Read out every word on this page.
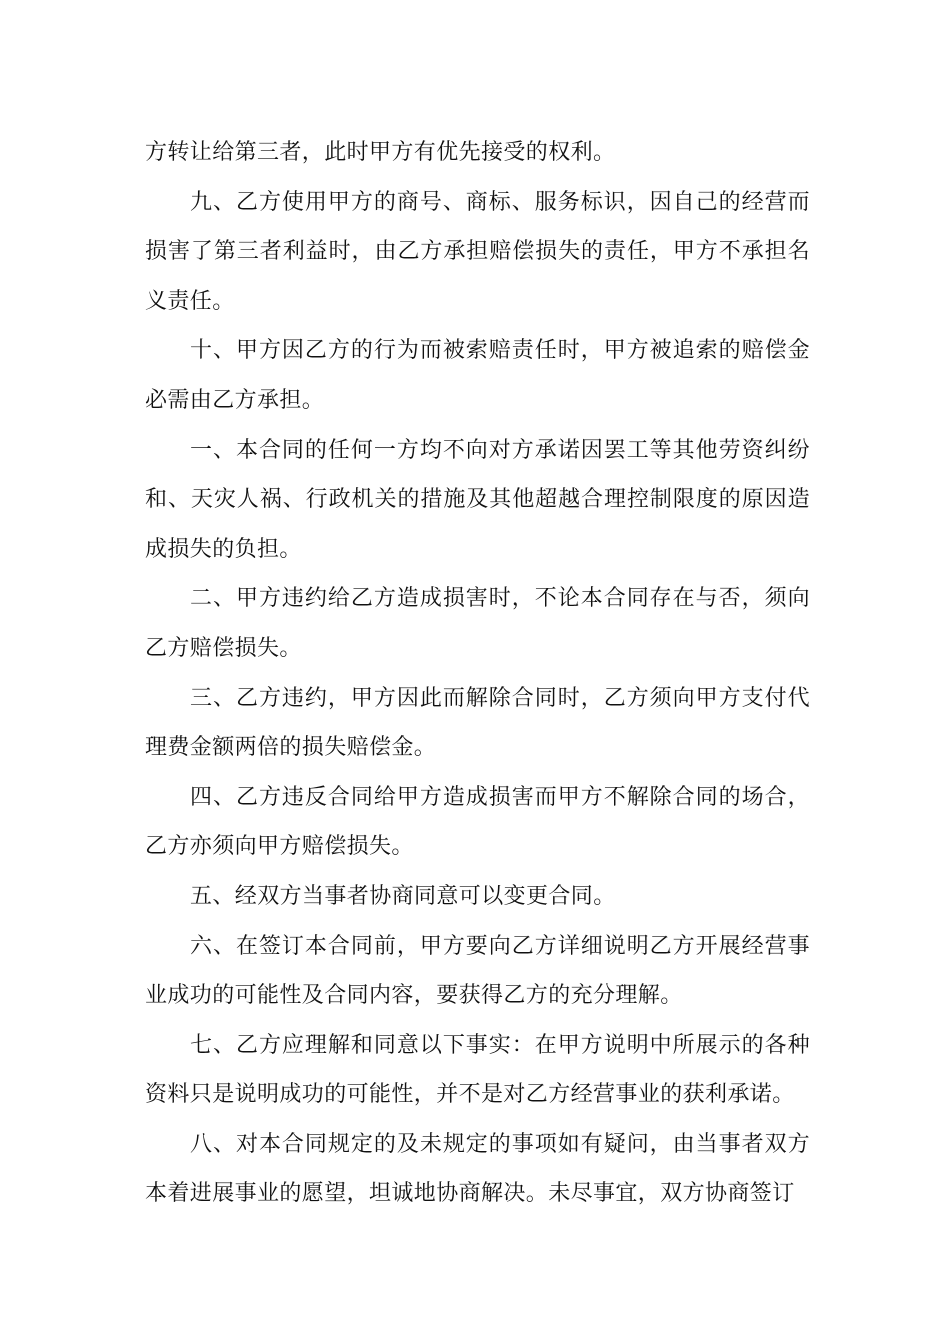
方转让给第三者，此时甲方有优先接受的权利。

九、乙方使用甲方的商号、商标、服务标识，因自己的经营而损害了第三者利益时，由乙方承担赔偿损失的责任，甲方不承担名义责任。

十、甲方因乙方的行为而被索赔责任时，甲方被追索的赔偿金必需由乙方承担。

一、本合同的任何一方均不向对方承诺因罢工等其他劳资纠纷和、天灾人祸、行政机关的措施及其他超越合理控制限度的原因造成损失的负担。

二、甲方违约给乙方造成损害时，不论本合同存在与否，须向乙方赔偿损失。

三、乙方违约，甲方因此而解除合同时，乙方须向甲方支付代理费金额两倍的损失赔偿金。

四、乙方违反合同给甲方造成损害而甲方不解除合同的场合，乙方亦须向甲方赔偿损失。

五、经双方当事者协商同意可以变更合同。

六、在签订本合同前，甲方要向乙方详细说明乙方开展经营事业成功的可能性及合同内容，要获得乙方的充分理解。

七、乙方应理解和同意以下事实：在甲方说明中所展示的各种资料只是说明成功的可能性，并不是对乙方经营事业的获利承诺。

八、对本合同规定的及未规定的事项如有疑问，由当事者双方本着进展事业的愿望，坦诚地协商解决。未尽事宜，双方协商签订
